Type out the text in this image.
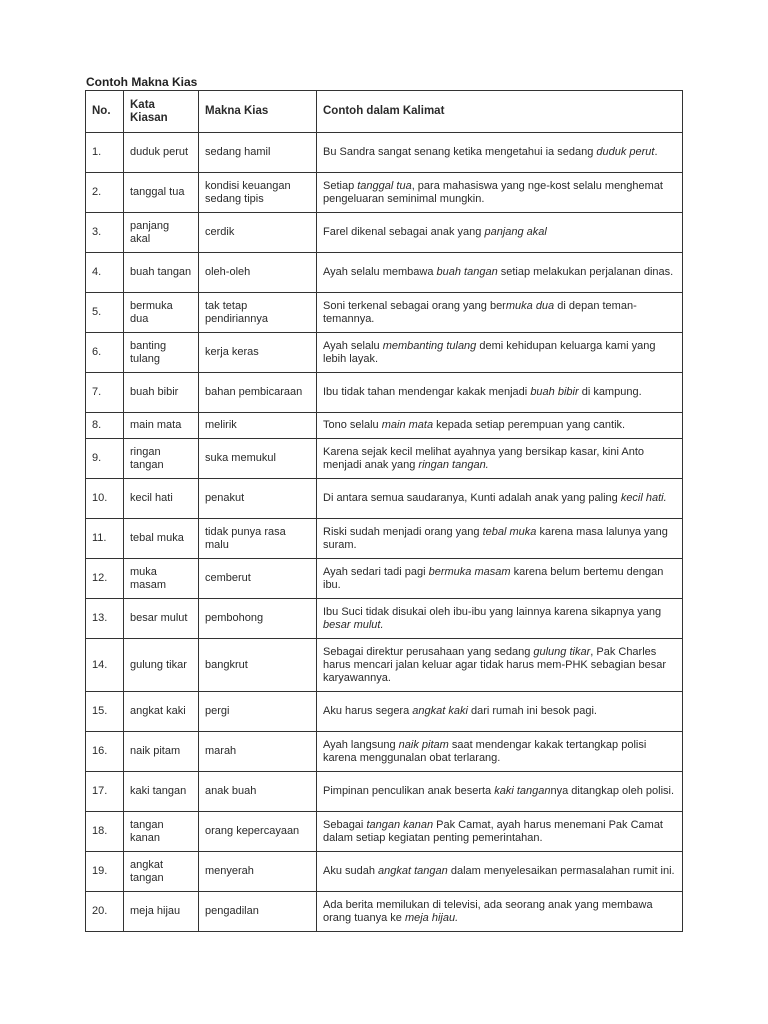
Contoh Makna Kias
No.	Kata Kiasan	Makna Kias	Contoh dalam Kalimat
1.	duduk perut	sedang hamil	Bu Sandra sangat senang ketika mengetahui ia sedang duduk perut.
2.	tanggal tua	kondisi keuangan sedang tipis	Setiap tanggal tua, para mahasiswa yang nge-kost selalu menghemat pengeluaran seminimal mungkin.
3.	panjang akal	cerdik	Farel dikenal sebagai anak yang panjang akal
4.	buah tangan	oleh-oleh	Ayah selalu membawa buah tangan setiap melakukan perjalanan dinas.
5.	bermuka dua	tak tetap pendiriannya	Soni terkenal sebagai orang yang bermuka dua di depan teman-temannya.
6.	banting tulang	kerja keras	Ayah selalu membanting tulang demi kehidupan keluarga kami yang lebih layak.
7.	buah bibir	bahan pembicaraan	Ibu tidak tahan mendengar kakak menjadi buah bibir di kampung.
8.	main mata	melirik	Tono selalu main mata kepada setiap perempuan yang cantik.
9.	ringan tangan	suka memukul	Karena sejak kecil melihat ayahnya yang bersikap kasar, kini Anto menjadi anak yang ringan tangan.
10.	kecil hati	penakut	Di antara semua saudaranya, Kunti adalah anak yang paling kecil hati.
11.	tebal muka	tidak punya rasa malu	Riski sudah menjadi orang yang tebal muka karena masa lalunya yang suram.
12.	muka masam	cemberut	Ayah sedari tadi pagi bermuka masam karena belum bertemu dengan ibu.
13.	besar mulut	pembohong	Ibu Suci tidak disukai oleh ibu-ibu yang lainnya karena sikapnya yang besar mulut.
14.	gulung tikar	bangkrut	Sebagai direktur perusahaan yang sedang gulung tikar, Pak Charles harus mencari jalan keluar agar tidak harus mem-PHK sebagian besar karyawannya.
15.	angkat kaki	pergi	Aku harus segera angkat kaki dari rumah ini besok pagi.
16.	naik pitam	marah	Ayah langsung naik pitam saat mendengar kakak tertangkap polisi karena menggunalan obat terlarang.
17.	kaki tangan	anak buah	Pimpinan penculikan anak beserta kaki tangannya ditangkap oleh polisi.
18.	tangan kanan	orang kepercayaan	Sebagai tangan kanan Pak Camat, ayah harus menemani Pak Camat dalam setiap kegiatan penting pemerintahan.
19.	angkat tangan	menyerah	Aku sudah angkat tangan dalam menyelesaikan permasalahan rumit ini.
20.	meja hijau	pengadilan	Ada berita memilukan di televisi, ada seorang anak yang membawa orang tuanya ke meja hijau.
